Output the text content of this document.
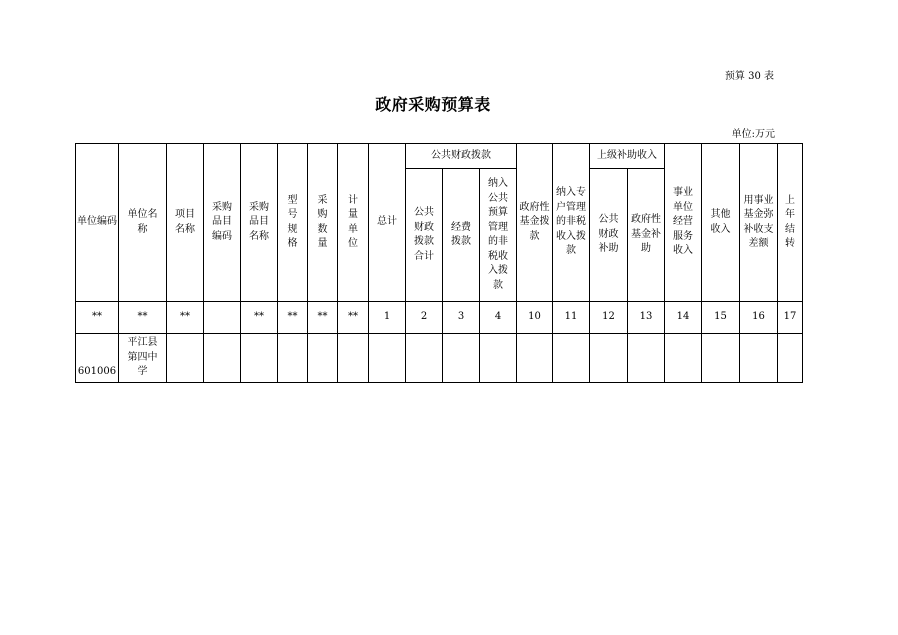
预算 30 表
政府采购预算表
单位:万元
单位编码	单位名称	项目名称	采购品目编码	采购品目名称	型号规格	采购数量	计量单位	总计	公共财政拨款			政府性基金拨款	纳入专户管理的非税收入拨款	上级补助收入		事业单位经营服务收入	其他收入	用事业基金弥补收支差额	上年结转

									公共财政拨款合计	经费拨款	纳入公共预算管理的非税收入拨款			公共财政补助	政府性基金补助				

**	**	**		**	**	**	**	1	2	3	4	10	11	12	13	14	15	16	17
601006	平江县第四中学																		
